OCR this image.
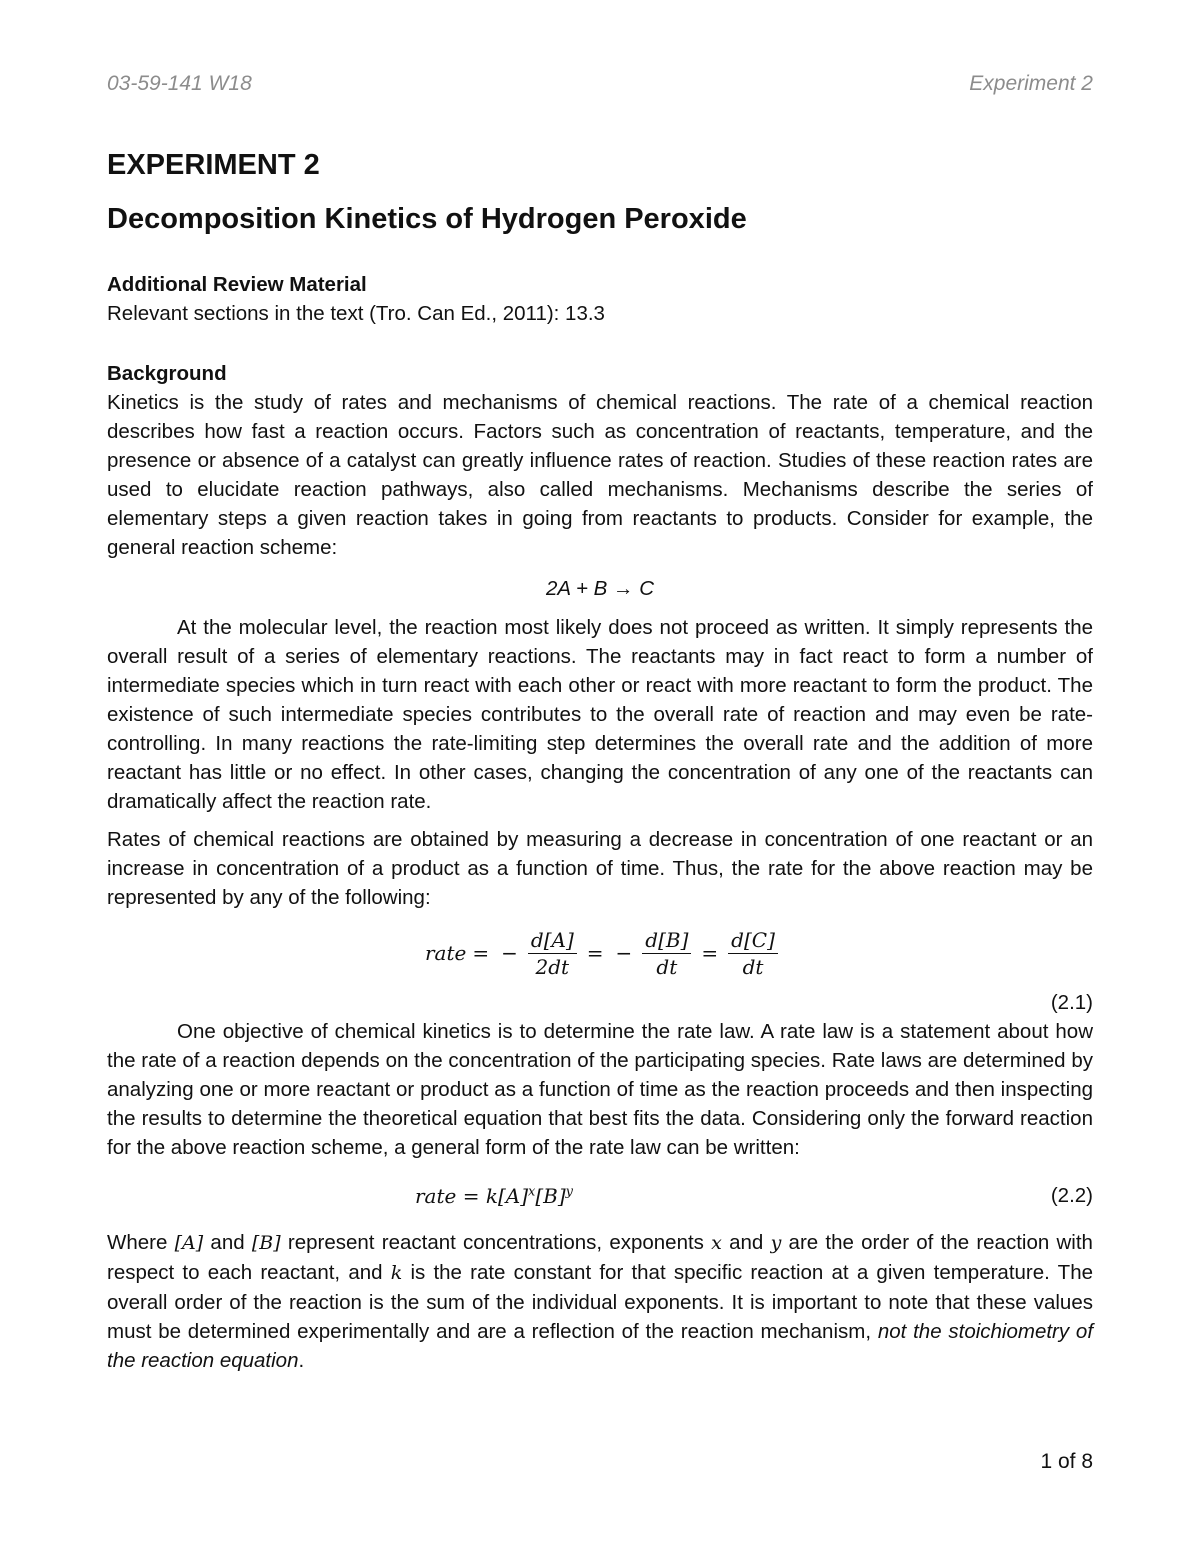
03-59-141 W18	Experiment 2
EXPERIMENT 2
Decomposition Kinetics of Hydrogen Peroxide
Additional Review Material

Relevant sections in the text (Tro. Can Ed., 2011): 13.3

Background

Kinetics is the study of rates and mechanisms of chemical reactions. The rate of a chemical reaction describes how fast a reaction occurs. Factors such as concentration of reactants, temperature, and the presence or absence of a catalyst can greatly influence rates of reaction. Studies of these reaction rates are used to elucidate reaction pathways, also called mechanisms. Mechanisms describe the series of elementary steps a given reaction takes in going from reactants to products. Consider for example, the general reaction scheme:

2A + B → C

At the molecular level, the reaction most likely does not proceed as written. It simply represents the overall result of a series of elementary reactions. The reactants may in fact react to form a number of intermediate species which in turn react with each other or react with more reactant to form the product. The existence of such intermediate species contributes to the overall rate of reaction and may even be rate-controlling. In many reactions the rate-limiting step determines the overall rate and the addition of more reactant has little or no effect. In other cases, changing the concentration of any one of the reactants can dramatically affect the reaction rate.

Rates of chemical reactions are obtained by measuring a decrease in concentration of one reactant or an increase in concentration of a product as a function of time. Thus, the rate for the above reaction may be represented by any of the following:

rate = − $\frac{d[A]}{2dt}$ = − $\frac{d[B]}{dt} = \frac{d[C]}{dt}$
(2.1)

One objective of chemical kinetics is to determine the rate law. A rate law is a statement about how the rate of a reaction depends on the concentration of the participating species. Rate laws are determined by analyzing one or more reactant or product as a function of time as the reaction proceeds and then inspecting the results to determine the theoretical equation that best fits the data. Considering only the forward reaction for the above reaction scheme, a general form of the rate law can be written:

rate = $k[A]^x[B]^y$	(2.2)

Where [A] and [B] represent reactant concentrations, exponents x and y are the order of the reaction with respect to each reactant, and k is the rate constant for that specific reaction at a given temperature. The overall order of the reaction is the sum of the individual exponents. It is important to note that these values must be determined experimentally and are a reflection of the reaction mechanism, not the stoichiometry of the reaction equation.

1 of 8
